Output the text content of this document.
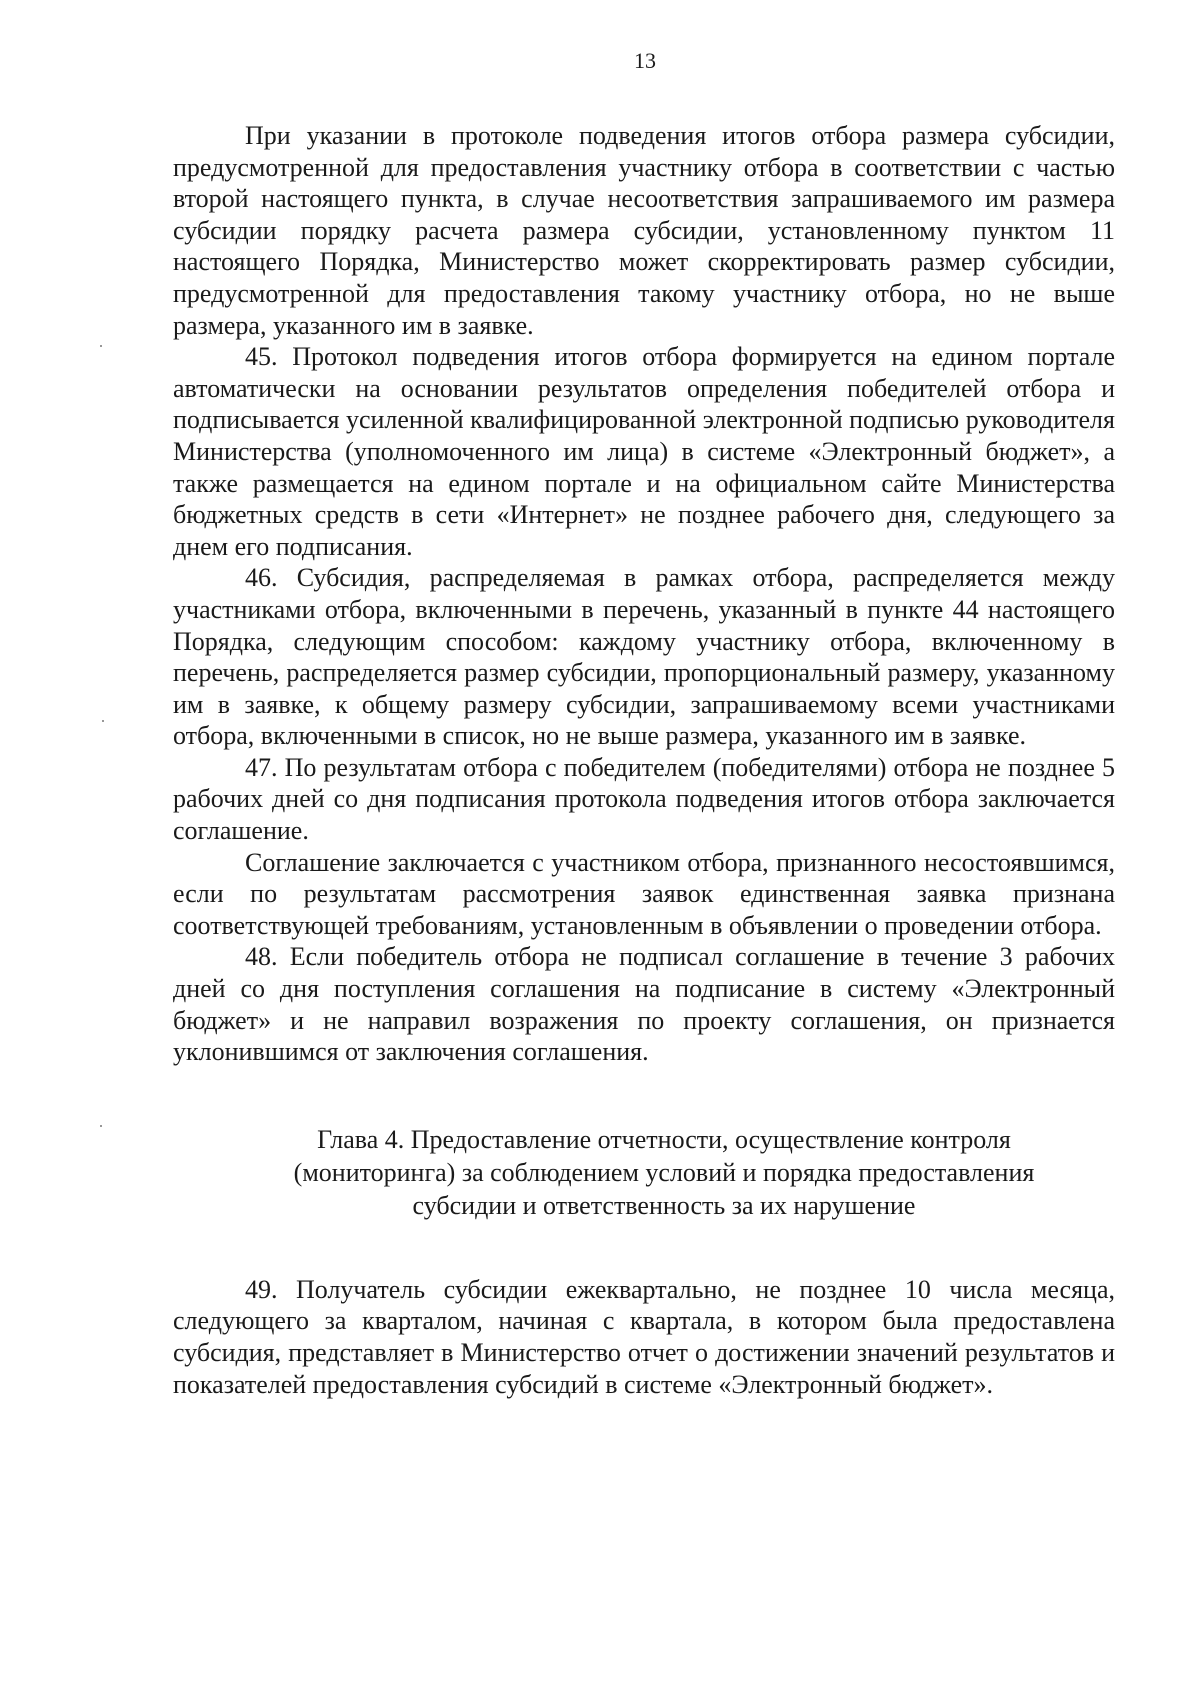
13

При указании в протоколе подведения итогов отбора размера субсидии, предусмотренной для предоставления участнику отбора в соответствии с частью второй настоящего пункта, в случае несоответствия запрашиваемого им размера субсидии порядку расчета размера субсидии, установленному пунктом 11 настоящего Порядка, Министерство может скорректировать размер субсидии, предусмотренной для предоставления такому участнику отбора, но не выше размера, указанного им в заявке.

45. Протокол подведения итогов отбора формируется на едином портале автоматически на основании результатов определения победителей отбора и подписывается усиленной квалифицированной электронной подписью руководителя Министерства (уполномоченного им лица) в системе «Электронный бюджет», а также размещается на едином портале и на официальном сайте Министерства бюджетных средств в сети «Интернет» не позднее рабочего дня, следующего за днем его подписания.

46. Субсидия, распределяемая в рамках отбора, распределяется между участниками отбора, включенными в перечень, указанный в пункте 44 настоящего Порядка, следующим способом: каждому участнику отбора, включенному в перечень, распределяется размер субсидии, пропорциональный размеру, указанному им в заявке, к общему размеру субсидии, запрашиваемому всеми участниками отбора, включенными в список, но не выше размера, указанного им в заявке.

47. По результатам отбора с победителем (победителями) отбора не позднее 5 рабочих дней со дня подписания протокола подведения итогов отбора заключается соглашение.

Соглашение заключается с участником отбора, признанного несостоявшимся, если по результатам рассмотрения заявок единственная заявка признана соответствующей требованиям, установленным в объявлении о проведении отбора.

48. Если победитель отбора не подписал соглашение в течение 3 рабочих дней со дня поступления соглашения на подписание в систему «Электронный бюджет» и не направил возражения по проекту соглашения, он признается уклонившимся от заключения соглашения.

Глава 4. Предоставление отчетности, осуществление контроля
(мониторинга) за соблюдением условий и порядка предоставления
субсидии и ответственность за их нарушение

49. Получатель субсидии ежеквартально, не позднее 10 числа месяца, следующего за кварталом, начиная с квартала, в котором была предоставлена субсидия, представляет в Министерство отчет о достижении значений результатов и показателей предоставления субсидий в системе «Электронный бюджет».
